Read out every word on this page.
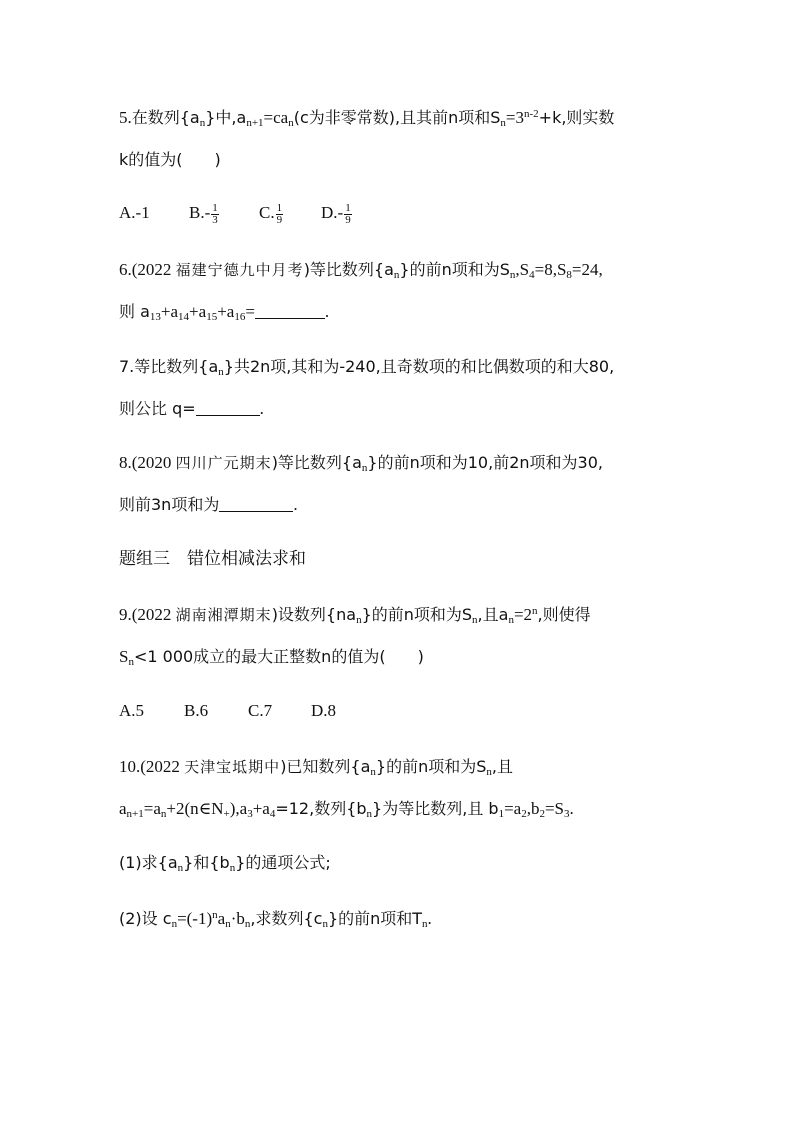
5.在数列$\{a_n\}$中$,a_{n+1}=ca_n(c$为非零常数),且其前n项和$S_n=3^{n-2}+k$,则实数
k的值为(　　)
A.-1 $B.- \frac{1}{3} C$. $\frac{1}{9} D.- \frac{1}{9}$
6.(2022 福建宁德九中月考)等比数列$\{a_n\}$的前n项和为$S_n,S_4=8,S_8=24$,
则 $a_{13}+a_{14}+a_{15}+a_{16}=$	.
7.等比数列$\{a_n\}$共2n项,其和为-240,且奇数项的和比偶数项的和大80,
则公比 q=	.
8.(2020 四川广元期末)等比数列$\{a_n\}$的前n项和为10,前2n项和为30,
则前3n项和为	.
题组三　错位相减法求和
9.(2022 湖南湘潭期末)设数列$\{na_n\}$的前n项和为$S_n$,且$a_n=2^n$,则使得
$S_n<1$ 000成立的最大正整数n的值为(　　)
A.5 B.6 C.7 D.8
10.(2022 天津宝坻期中)已知数列$\{a_n\}$的前n项和为$S_n$,且
$a_{n+1}=a_n+2(n\in N_+),a_3+a_4=12$,数列$\{b_n\}$为等比数列,且 $b_1=a_2,b_2=S_3$.
(1)求$\{a_n\}$和$\{b_n\}$的通项公式;
(2)设 $c_n=(-1)^na_n\cdot b_n$,求数列$\{c_n\}$的前n项和$T_n$.
